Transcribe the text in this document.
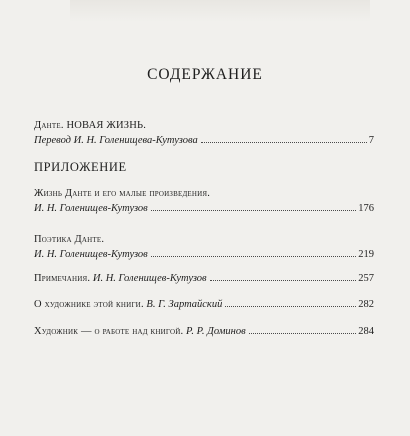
СОДЕРЖАНИЕ
Данте. НОВАЯ ЖИЗНЬ.
Перевод И. Н. Голенищева-Кутузова	7
ПРИЛОЖЕНИЕ
Жизнь Данте и его малые произведения.
И. Н. Голенищев-Кутузов	176
Поэтика Данте.
И. Н. Голенищев-Кутузов	219
Примечания.
И. Н. Голенищев-Кутузов	257
О художнике этой книги.
В. Г. Зартайский	282
Художник — о работе над книгой.
Р. Р. Доминов	284
